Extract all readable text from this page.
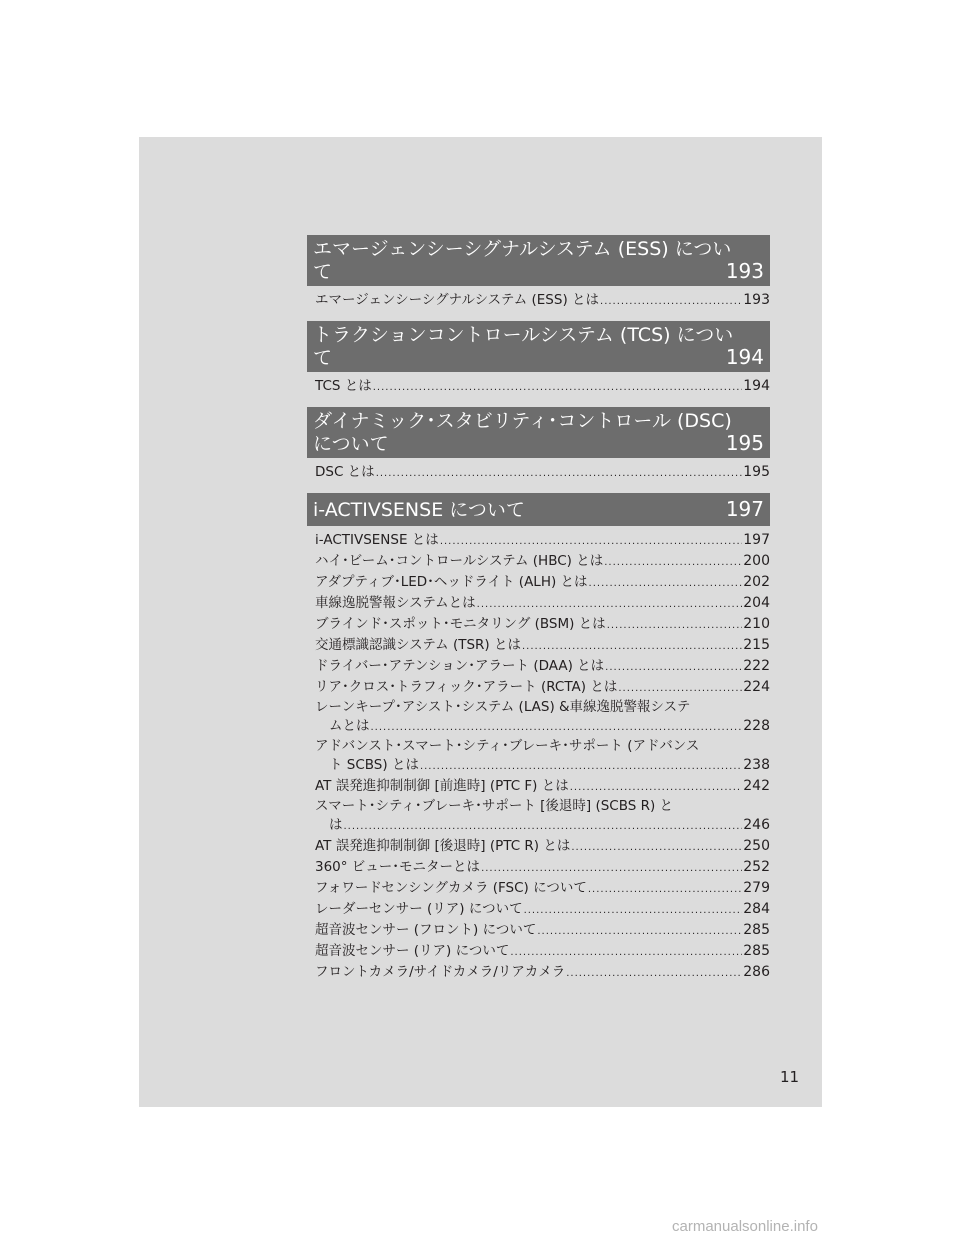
エマージェンシーシグナルシステム (ESS) につい
て	193
エマージェンシーシグナルシステム (ESS) とは .....	193
トラクションコントロールシステム (TCS) につい
て	194
TCS とは .....	194
ダイナミック･スタビリティ･コントロール (DSC)
について	195
DSC とは .....	195
i-ACTIVSENSE について	197
i-ACTIVSENSE とは .....	197
ハイ･ビーム･コントロールシステム (HBC) とは .....	200
アダプティブ･LED･ヘッドライト (ALH) とは .....	202
車線逸脱警報システムとは .....	204
ブラインド･スポット･モニタリング (BSM) とは .....	210
交通標識認識システム (TSR) とは .....	215
ドライバー･アテンション･アラート (DAA) とは .....	222
リア･クロス･トラフィック･アラート (RCTA) とは .....	224
レーンキープ･アシスト･システム (LAS) &車線逸脱警報システ
ムとは .....	228
アドバンスト･スマート･シティ･ブレーキ･サポート (アドバンス
ト SCBS) とは .....	238
AT 誤発進抑制制御 [前進時] (PTC F) とは .....	242
スマート･シティ･ブレーキ･サポート [後退時] (SCBS R) と
は .....	246
AT 誤発進抑制制御 [後退時] (PTC R) とは .....	250
360° ビュー･モニターとは .....	252
フォワードセンシングカメラ (FSC) について .....	279
レーダーセンサー (リア) について .....	284
超音波センサー (フロント) について .....	285
超音波センサー (リア) について .....	285
フロントカメラ/サイドカメラ/リアカメラ .....	286
11
carmanualsonline.info
